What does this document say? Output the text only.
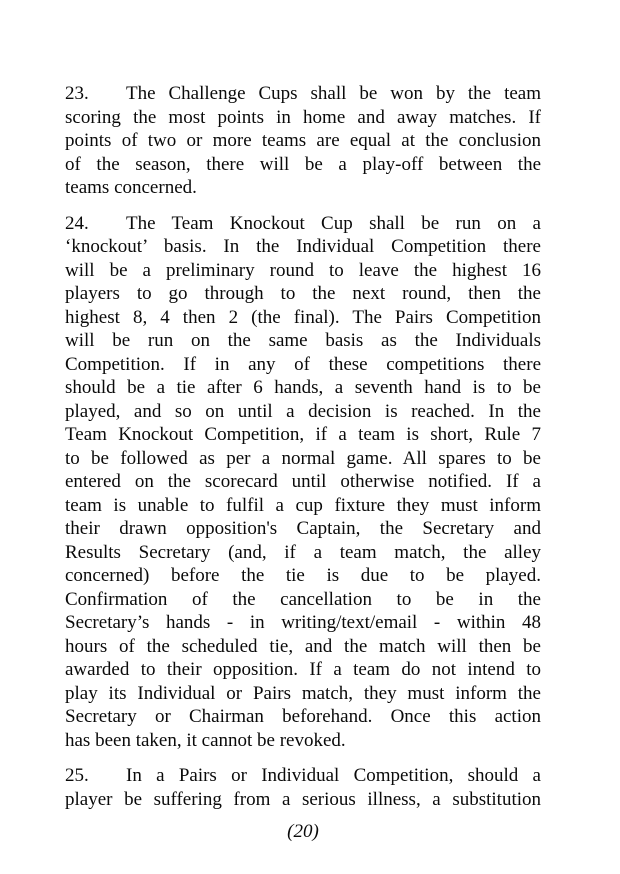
23. The Challenge Cups shall be won by the team
scoring the most points in home and away matches. If
points of two or more teams are equal at the conclusion
of the season, there will be a play-off between the
teams concerned.
24. The Team Knockout Cup shall be run on a
‘knockout’ basis. In the Individual Competition there
will be a preliminary round to leave the highest 16
players to go through to the next round, then the
highest 8, 4 then 2 (the final). The Pairs Competition
will be run on the same basis as the Individuals
Competition. If in any of these competitions there
should be a tie after 6 hands, a seventh hand is to be
played, and so on until a decision is reached. In the
Team Knockout Competition, if a team is short, Rule 7
to be followed as per a normal game. All spares to be
entered on the scorecard until otherwise notified. If a
team is unable to fulfil a cup fixture they must inform
their drawn opposition's Captain, the Secretary and
Results Secretary (and, if a team match, the alley
concerned) before the tie is due to be played.
Confirmation of the cancellation to be in the
Secretary’s hands - in writing/text/email - within 48
hours of the scheduled tie, and the match will then be
awarded to their opposition. If a team do not intend to
play its Individual or Pairs match, they must inform the
Secretary or Chairman beforehand. Once this action
has been taken, it cannot be revoked.
25. In a Pairs or Individual Competition, should a
player be suffering from a serious illness, a substitution
(20)
